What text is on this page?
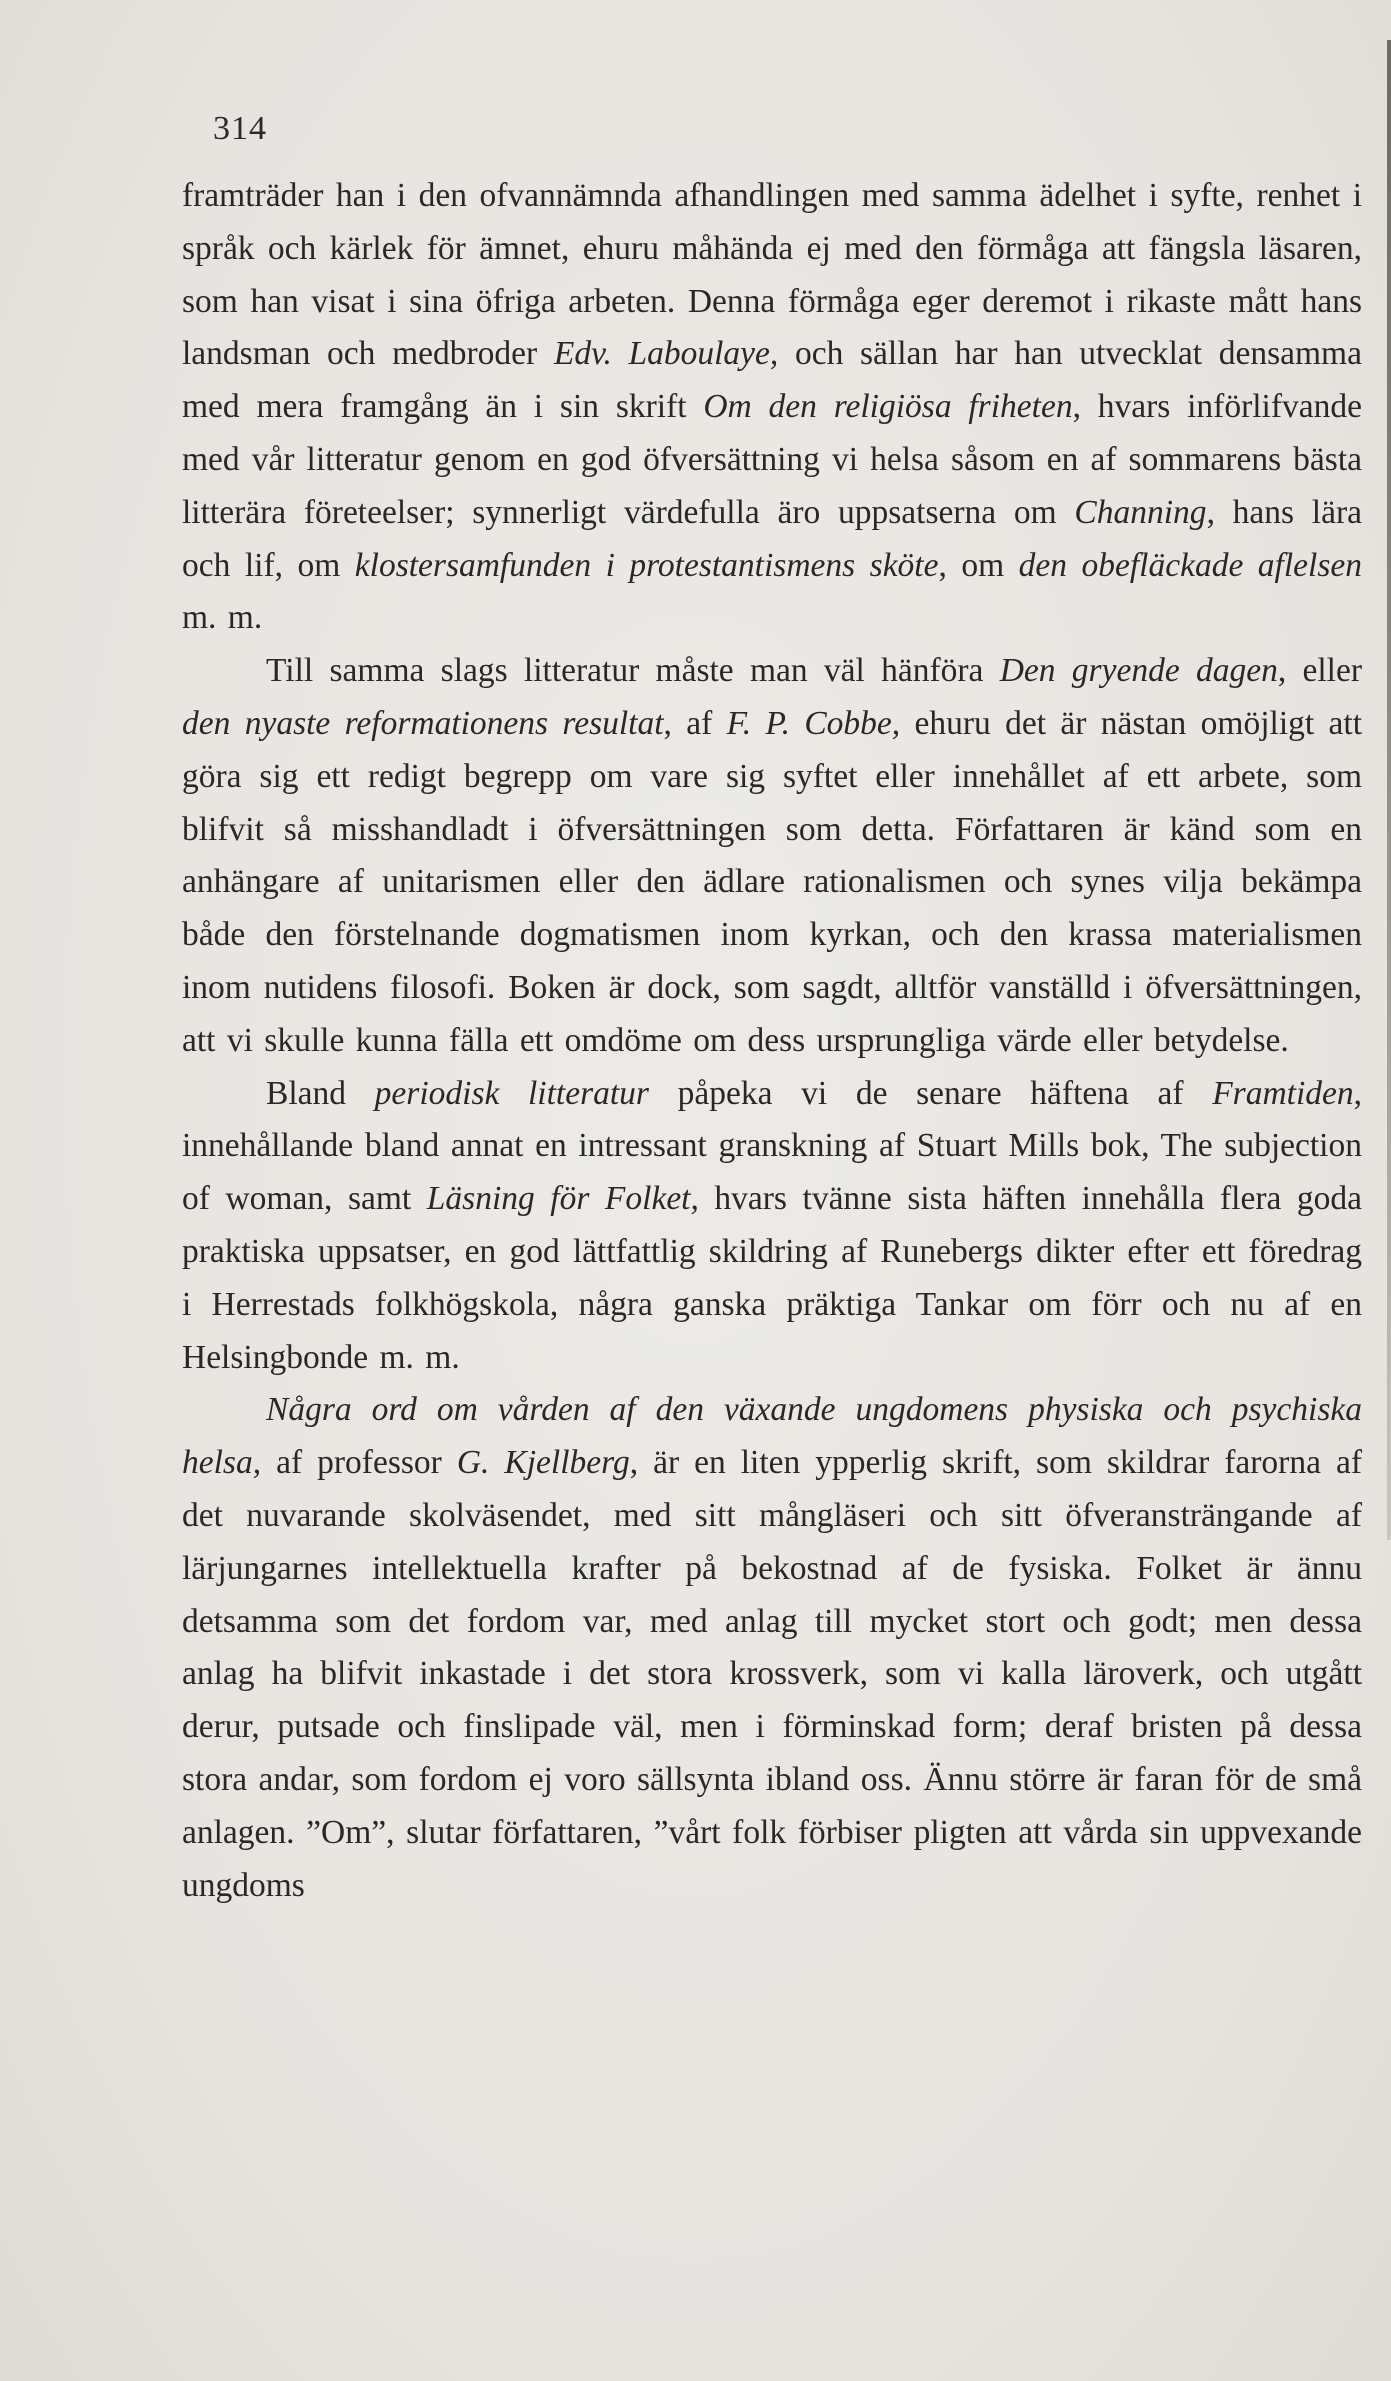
314

framträder han i den ofvannämnda afhandlingen med samma ädelhet i syfte, renhet i språk och kärlek för ämnet, ehuru måhända ej med den förmåga att fängsla läsaren, som han visat i sina öfriga arbeten. Denna förmåga eger deremot i rikaste mått hans landsman och medbroder Edv. Laboulaye, och sällan har han utvecklat densamma med mera framgång än i sin skrift Om den religiösa friheten, hvars införlifvande med vår litteratur genom en god öfversättning vi helsa såsom en af sommarens bästa litterära företeelser; synnerligt värdefulla äro uppsatserna om Channing, hans lära och lif, om klostersamfunden i protestantismens sköte, om den obefläckade aflelsen m. m.

Till samma slags litteratur måste man väl hänföra Den gryende dagen, eller den nyaste reformationens resultat, af F. P. Cobbe, ehuru det är nästan omöjligt att göra sig ett redigt begrepp om vare sig syftet eller innehållet af ett arbete, som blifvit så misshandladt i öfversättningen som detta. Författaren är känd som en anhängare af unitarismen eller den ädlare rationalismen och synes vilja bekämpa både den förstelnande dogmatismen inom kyrkan, och den krassa materialismen inom nutidens filosofi. Boken är dock, som sagdt, alltför vanställd i öfversättningen, att vi skulle kunna fälla ett omdöme om dess ursprungliga värde eller betydelse.

Bland periodisk litteratur påpeka vi de senare häftena af Framtiden, innehållande bland annat en intressant granskning af Stuart Mills bok, The subjection of woman, samt Läsning för Folket, hvars tvänne sista häften innehålla flera goda praktiska uppsatser, en god lättfattlig skildring af Runebergs dikter efter ett föredrag i Herrestads folkhögskola, några ganska präktiga Tankar om förr och nu af en Helsingbonde m. m.

Några ord om vården af den växande ungdomens physiska och psychiska helsa, af professor G. Kjellberg, är en liten ypperlig skrift, som skildrar farorna af det nuvarande skolväsendet, med sitt mångläseri och sitt öfveransträngande af lärjungarnes intellektuella krafter på bekostnad af de fysiska. Folket är ännu detsamma som det fordom var, med anlag till mycket stort och godt; men dessa anlag ha blifvit inkastade i det stora krossverk, som vi kalla läroverk, och utgått derur, putsade och finslipade väl, men i förminskad form; deraf bristen på dessa stora andar, som fordom ej voro sällsynta ibland oss. Ännu större är faran för de små anlagen. ”Om”, slutar författaren, ”vårt folk förbiser pligten att vårda sin uppvexande ungdoms
